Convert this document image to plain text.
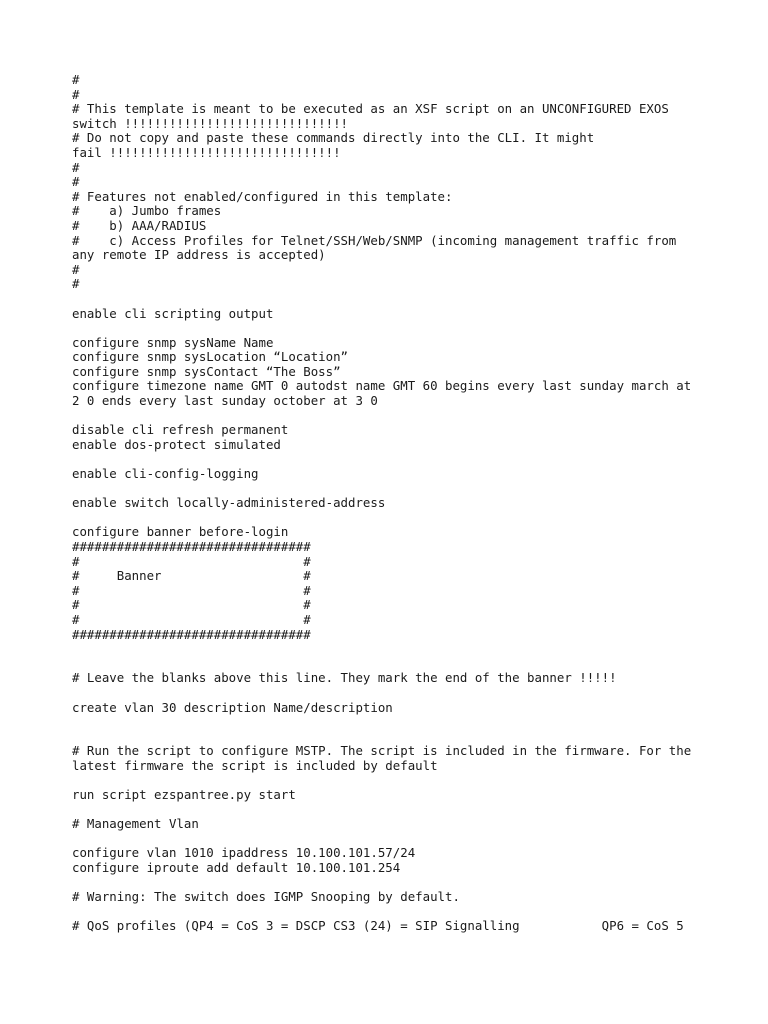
#
#
# This template is meant to be executed as an XSF script on an UNCONFIGURED EXOS
switch !!!!!!!!!!!!!!!!!!!!!!!!!!!!!!
# Do not copy and paste these commands directly into the CLI. It might
fail !!!!!!!!!!!!!!!!!!!!!!!!!!!!!!!
#
#
# Features not enabled/configured in this template:
#    a) Jumbo frames
#    b) AAA/RADIUS
#    c) Access Profiles for Telnet/SSH/Web/SNMP (incoming management traffic from
any remote IP address is accepted)
#
#

enable cli scripting output

configure snmp sysName Name
configure snmp sysLocation “Location”
configure snmp sysContact “The Boss”
configure timezone name GMT 0 autodst name GMT 60 begins every last sunday march at
2 0 ends every last sunday october at 3 0

disable cli refresh permanent
enable dos-protect simulated

enable cli-config-logging

enable switch locally-administered-address

configure banner before-login
################################
#                              #
#     Banner                   #
#                              #
#                              #
#                              #
################################

# Leave the blanks above this line. They mark the end of the banner !!!!!

create vlan 30 description Name/description

# Run the script to configure MSTP. The script is included in the firmware. For the
latest firmware the script is included by default

run script ezspantree.py start

# Management Vlan

configure vlan 1010 ipaddress 10.100.101.57/24
configure iproute add default 10.100.101.254

# Warning: The switch does IGMP Snooping by default.

# QoS profiles (QP4 = CoS 3 = DSCP CS3 (24) = SIP Signalling           QP6 = CoS 5
